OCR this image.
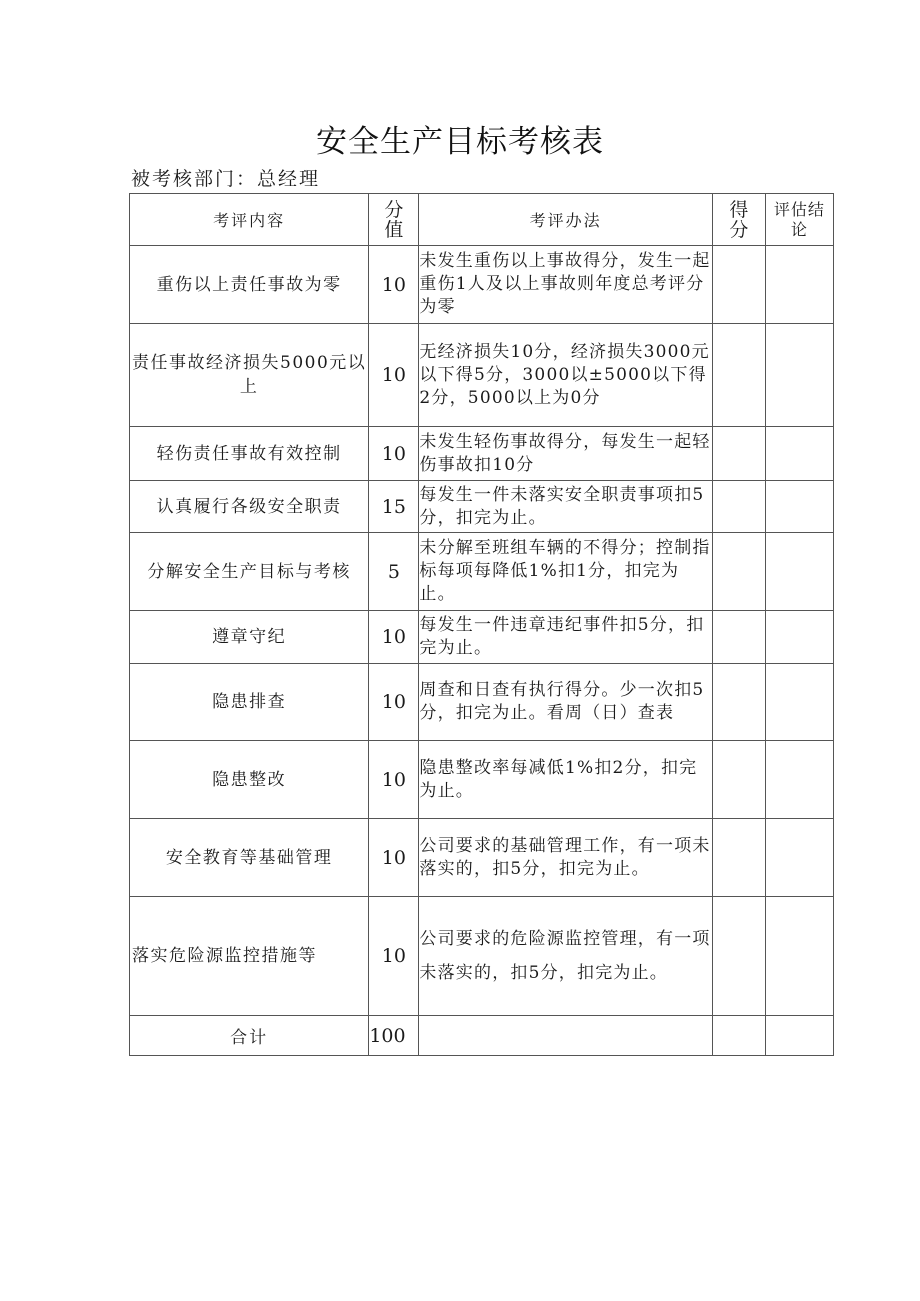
安全生产目标考核表
被考核部门：总经理
考评内容	分值	考评办法	得分	评估结论
重伤以上责任事故为零	10	未发生重伤以上事故得分，发生一起重伤1人及以上事故则年度总考评分为零		
责任事故经济损失5000元以上	10	无经济损失10分，经济损失3000元以下得5分，3000以±5000以下得2分，5000以上为0分		
轻伤责任事故有效控制	10	未发生轻伤事故得分，每发生一起轻伤事故扣10分		
认真履行各级安全职责	15	每发生一件未落实安全职责事项扣5分，扣完为止。		
分解安全生产目标与考核	5	未分解至班组车辆的不得分；控制指标每项每降低1%扣1分，扣完为止。		
遵章守纪	10	每发生一件违章违纪事件扣5分，扣完为止。		
隐患排查	10	周查和日查有执行得分。少一次扣5分，扣完为止。看周（日）查表		
隐患整改	10	隐患整改率每减低1%扣2分，扣完为止。		
安全教育等基础管理	10	公司要求的基础管理工作，有一项未落实的，扣5分，扣完为止。		
落实危险源监控措施等	10	公司要求的危险源监控管理，有一项未落实的，扣5分，扣完为止。		
合计	100			
